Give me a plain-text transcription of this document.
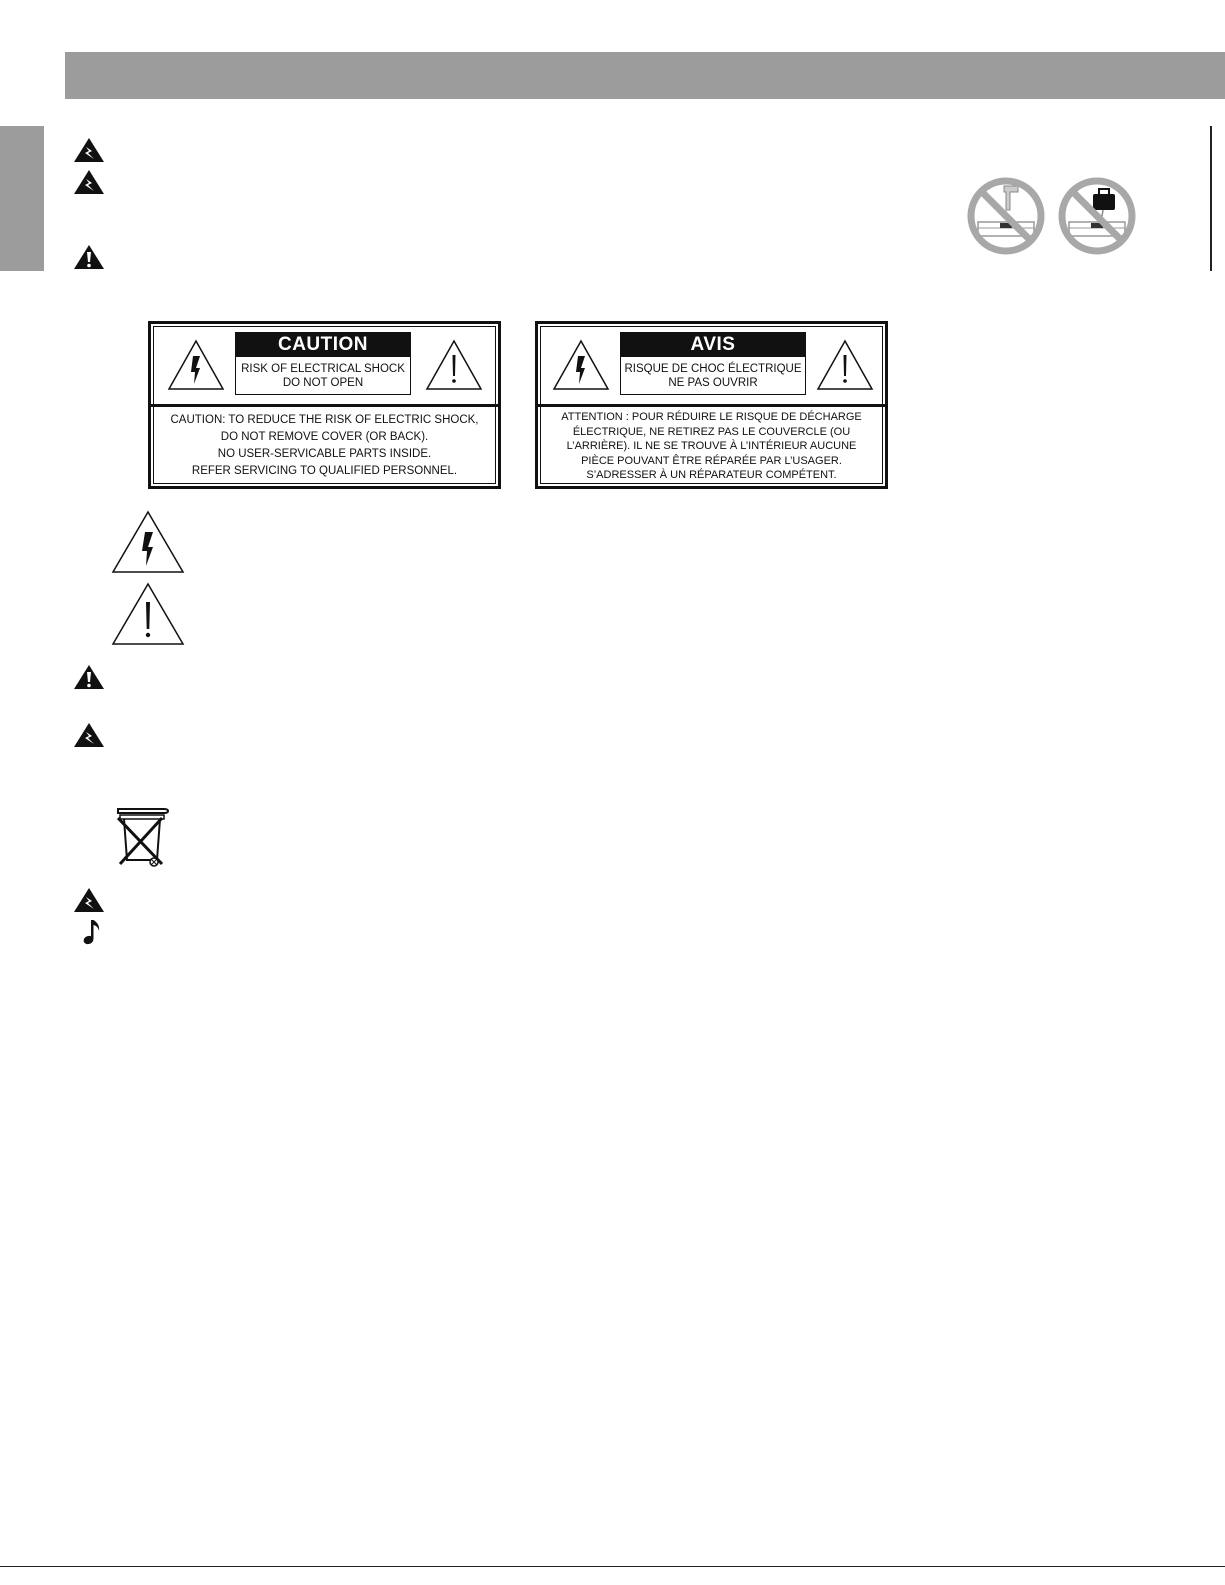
CAUTION
RISK OF ELECTRICAL SHOCK
DO NOT OPEN
CAUTION: TO REDUCE THE RISK OF ELECTRIC SHOCK,
DO NOT REMOVE COVER (OR BACK).
NO USER-SERVICABLE PARTS INSIDE.
REFER SERVICING TO QUALIFIED PERSONNEL.
AVIS
RISQUE DE CHOC ÉLECTRIQUE
NE PAS OUVRIR
ATTENTION : POUR RÉDUIRE LE RISQUE DE DÉCHARGE
ÉLECTRIQUE, NE RETIREZ PAS LE COUVERCLE (OU
L’ARRIÈRE). IL NE SE TROUVE À L’INTÉRIEUR AUCUNE
PIÈCE POUVANT ÊTRE RÉPARÉE PAR L’USAGER.
S’ADRESSER À UN RÉPARATEUR COMPÉTENT.
